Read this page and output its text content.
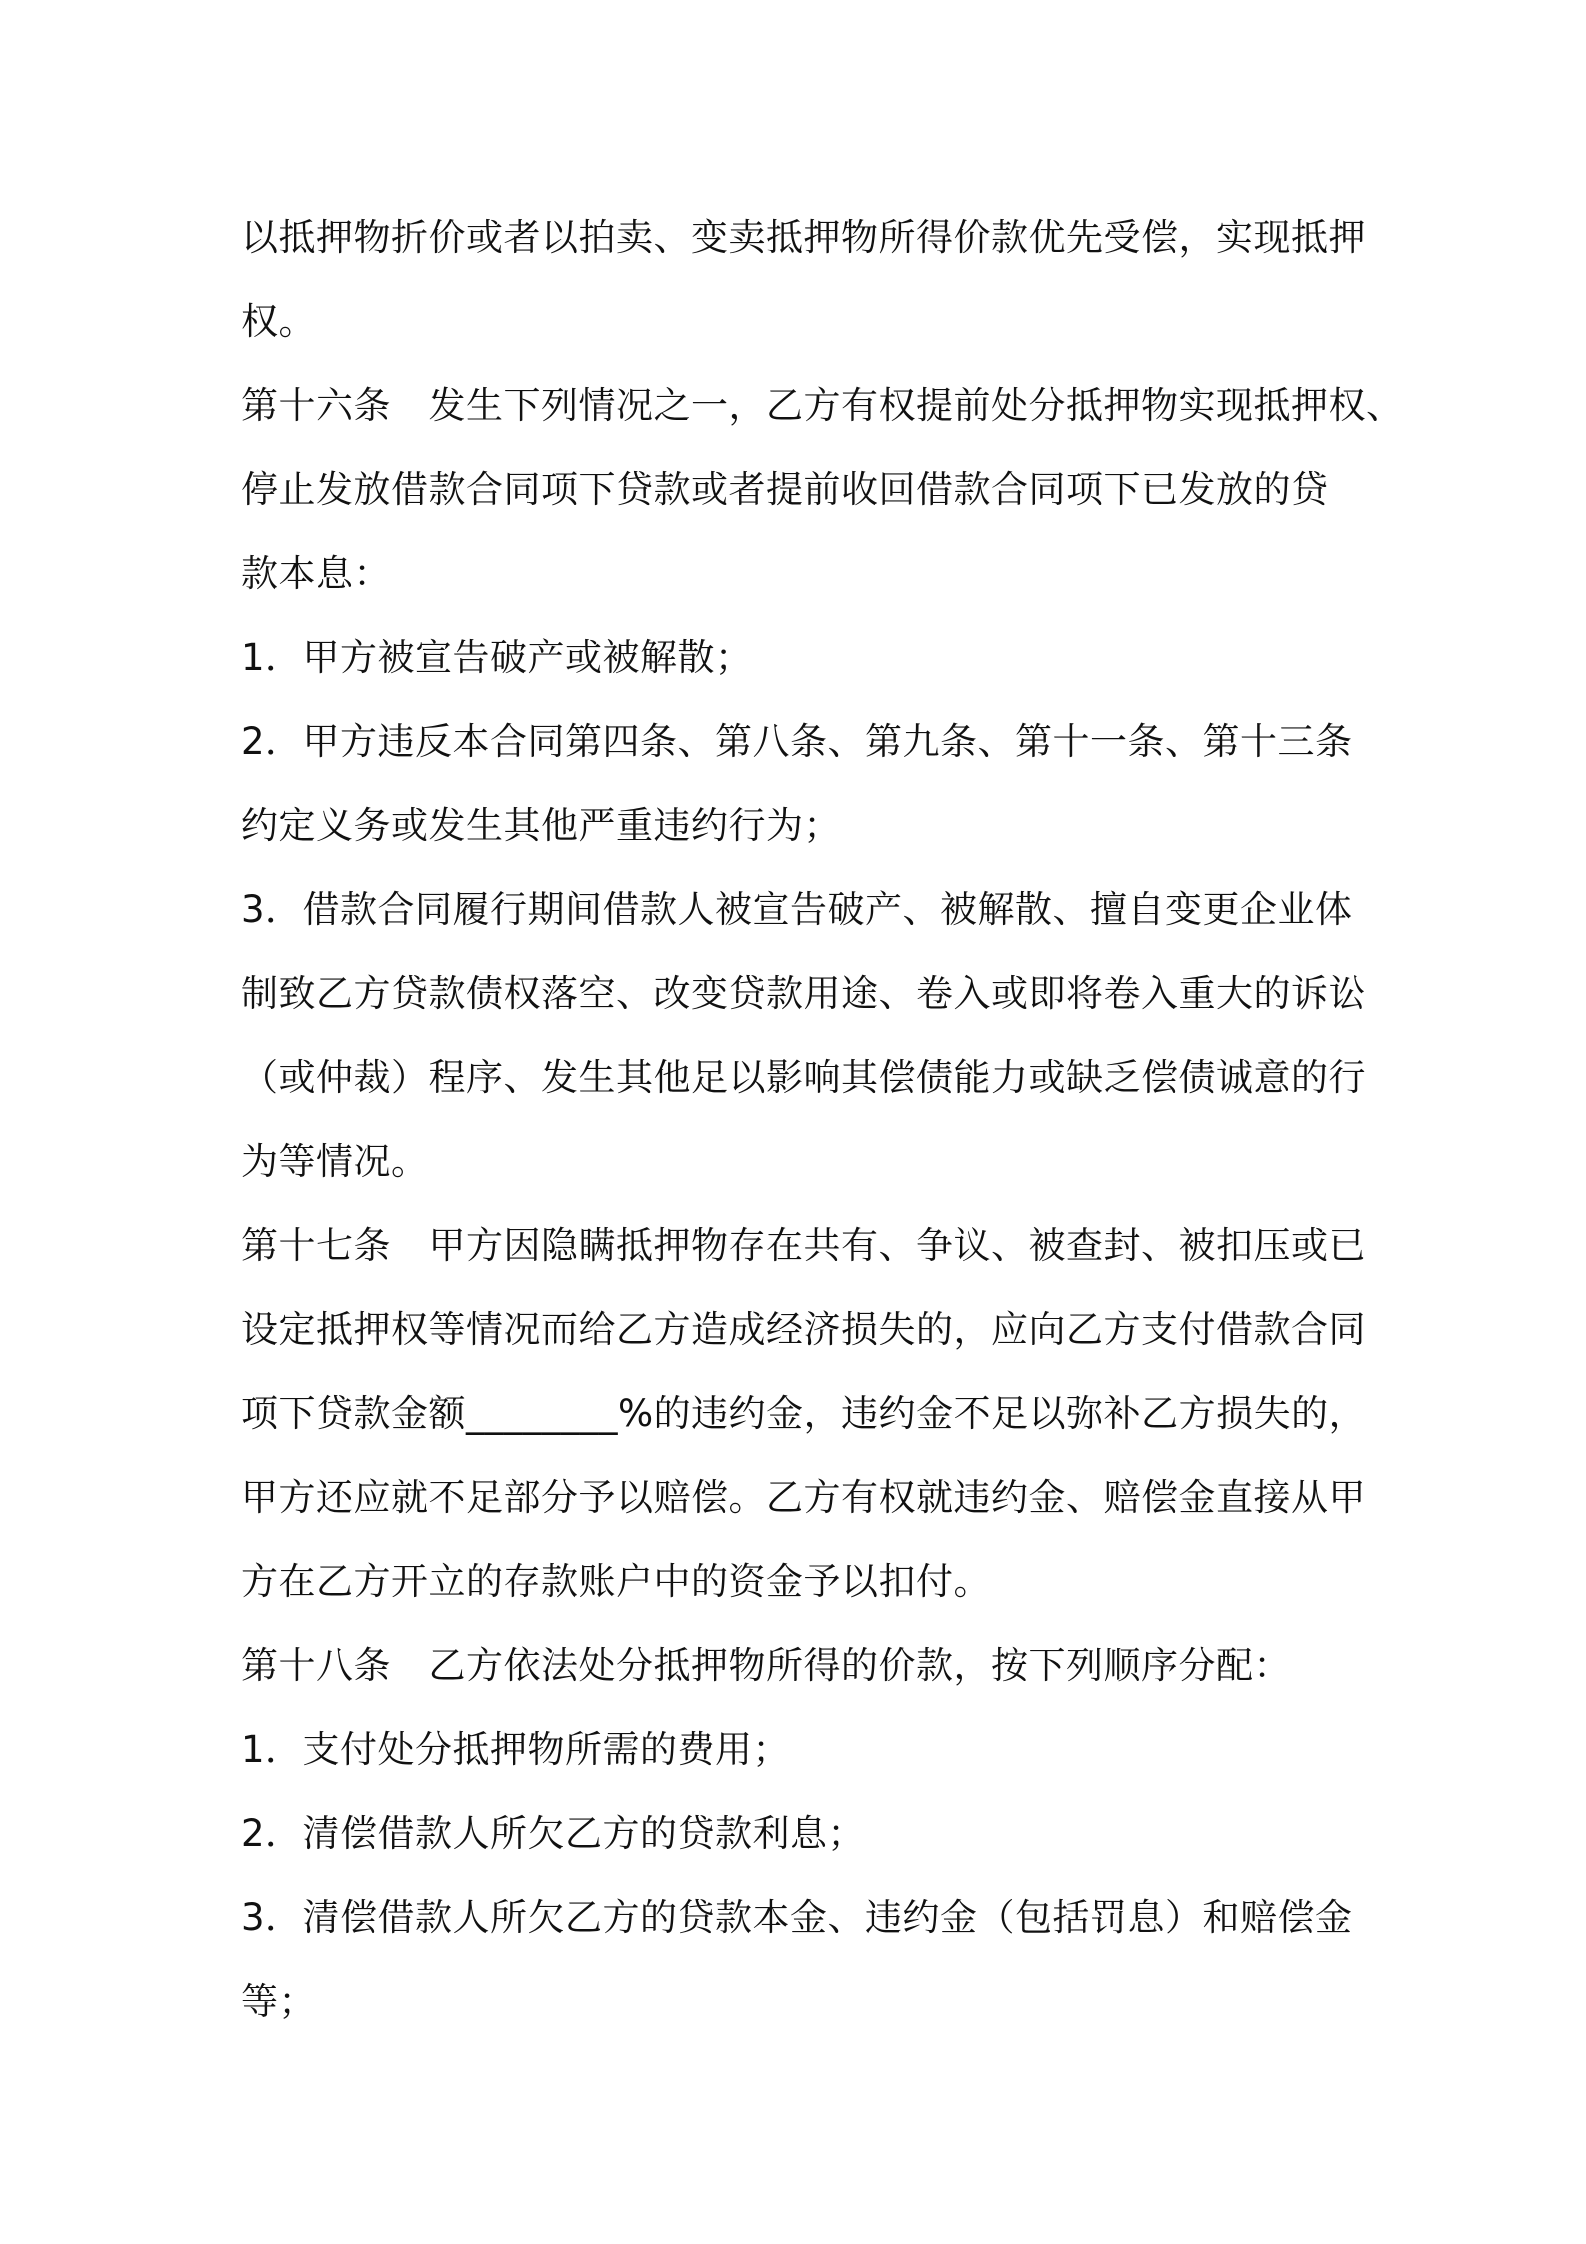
以抵押物折价或者以拍卖、变卖抵押物所得价款优先受偿，实现抵押
权。
第十六条　发生下列情况之一，乙方有权提前处分抵押物实现抵押权、
停止发放借款合同项下贷款或者提前收回借款合同项下已发放的贷
款本息：
1．甲方被宣告破产或被解散；
2．甲方违反本合同第四条、第八条、第九条、第十一条、第十三条
约定义务或发生其他严重违约行为；
3．借款合同履行期间借款人被宣告破产、被解散、擅自变更企业体
制致乙方贷款债权落空、改变贷款用途、卷入或即将卷入重大的诉讼
（或仲裁）程序、发生其他足以影响其偿债能力或缺乏偿债诚意的行
为等情况。
第十七条　甲方因隐瞒抵押物存在共有、争议、被查封、被扣压或已
设定抵押权等情况而给乙方造成经济损失的，应向乙方支付借款合同
项下贷款金额________%的违约金，违约金不足以弥补乙方损失的，
甲方还应就不足部分予以赔偿。乙方有权就违约金、赔偿金直接从甲
方在乙方开立的存款账户中的资金予以扣付。
第十八条　乙方依法处分抵押物所得的价款，按下列顺序分配：
1．支付处分抵押物所需的费用；
2．清偿借款人所欠乙方的贷款利息；
3．清偿借款人所欠乙方的贷款本金、违约金（包括罚息）和赔偿金
等；
